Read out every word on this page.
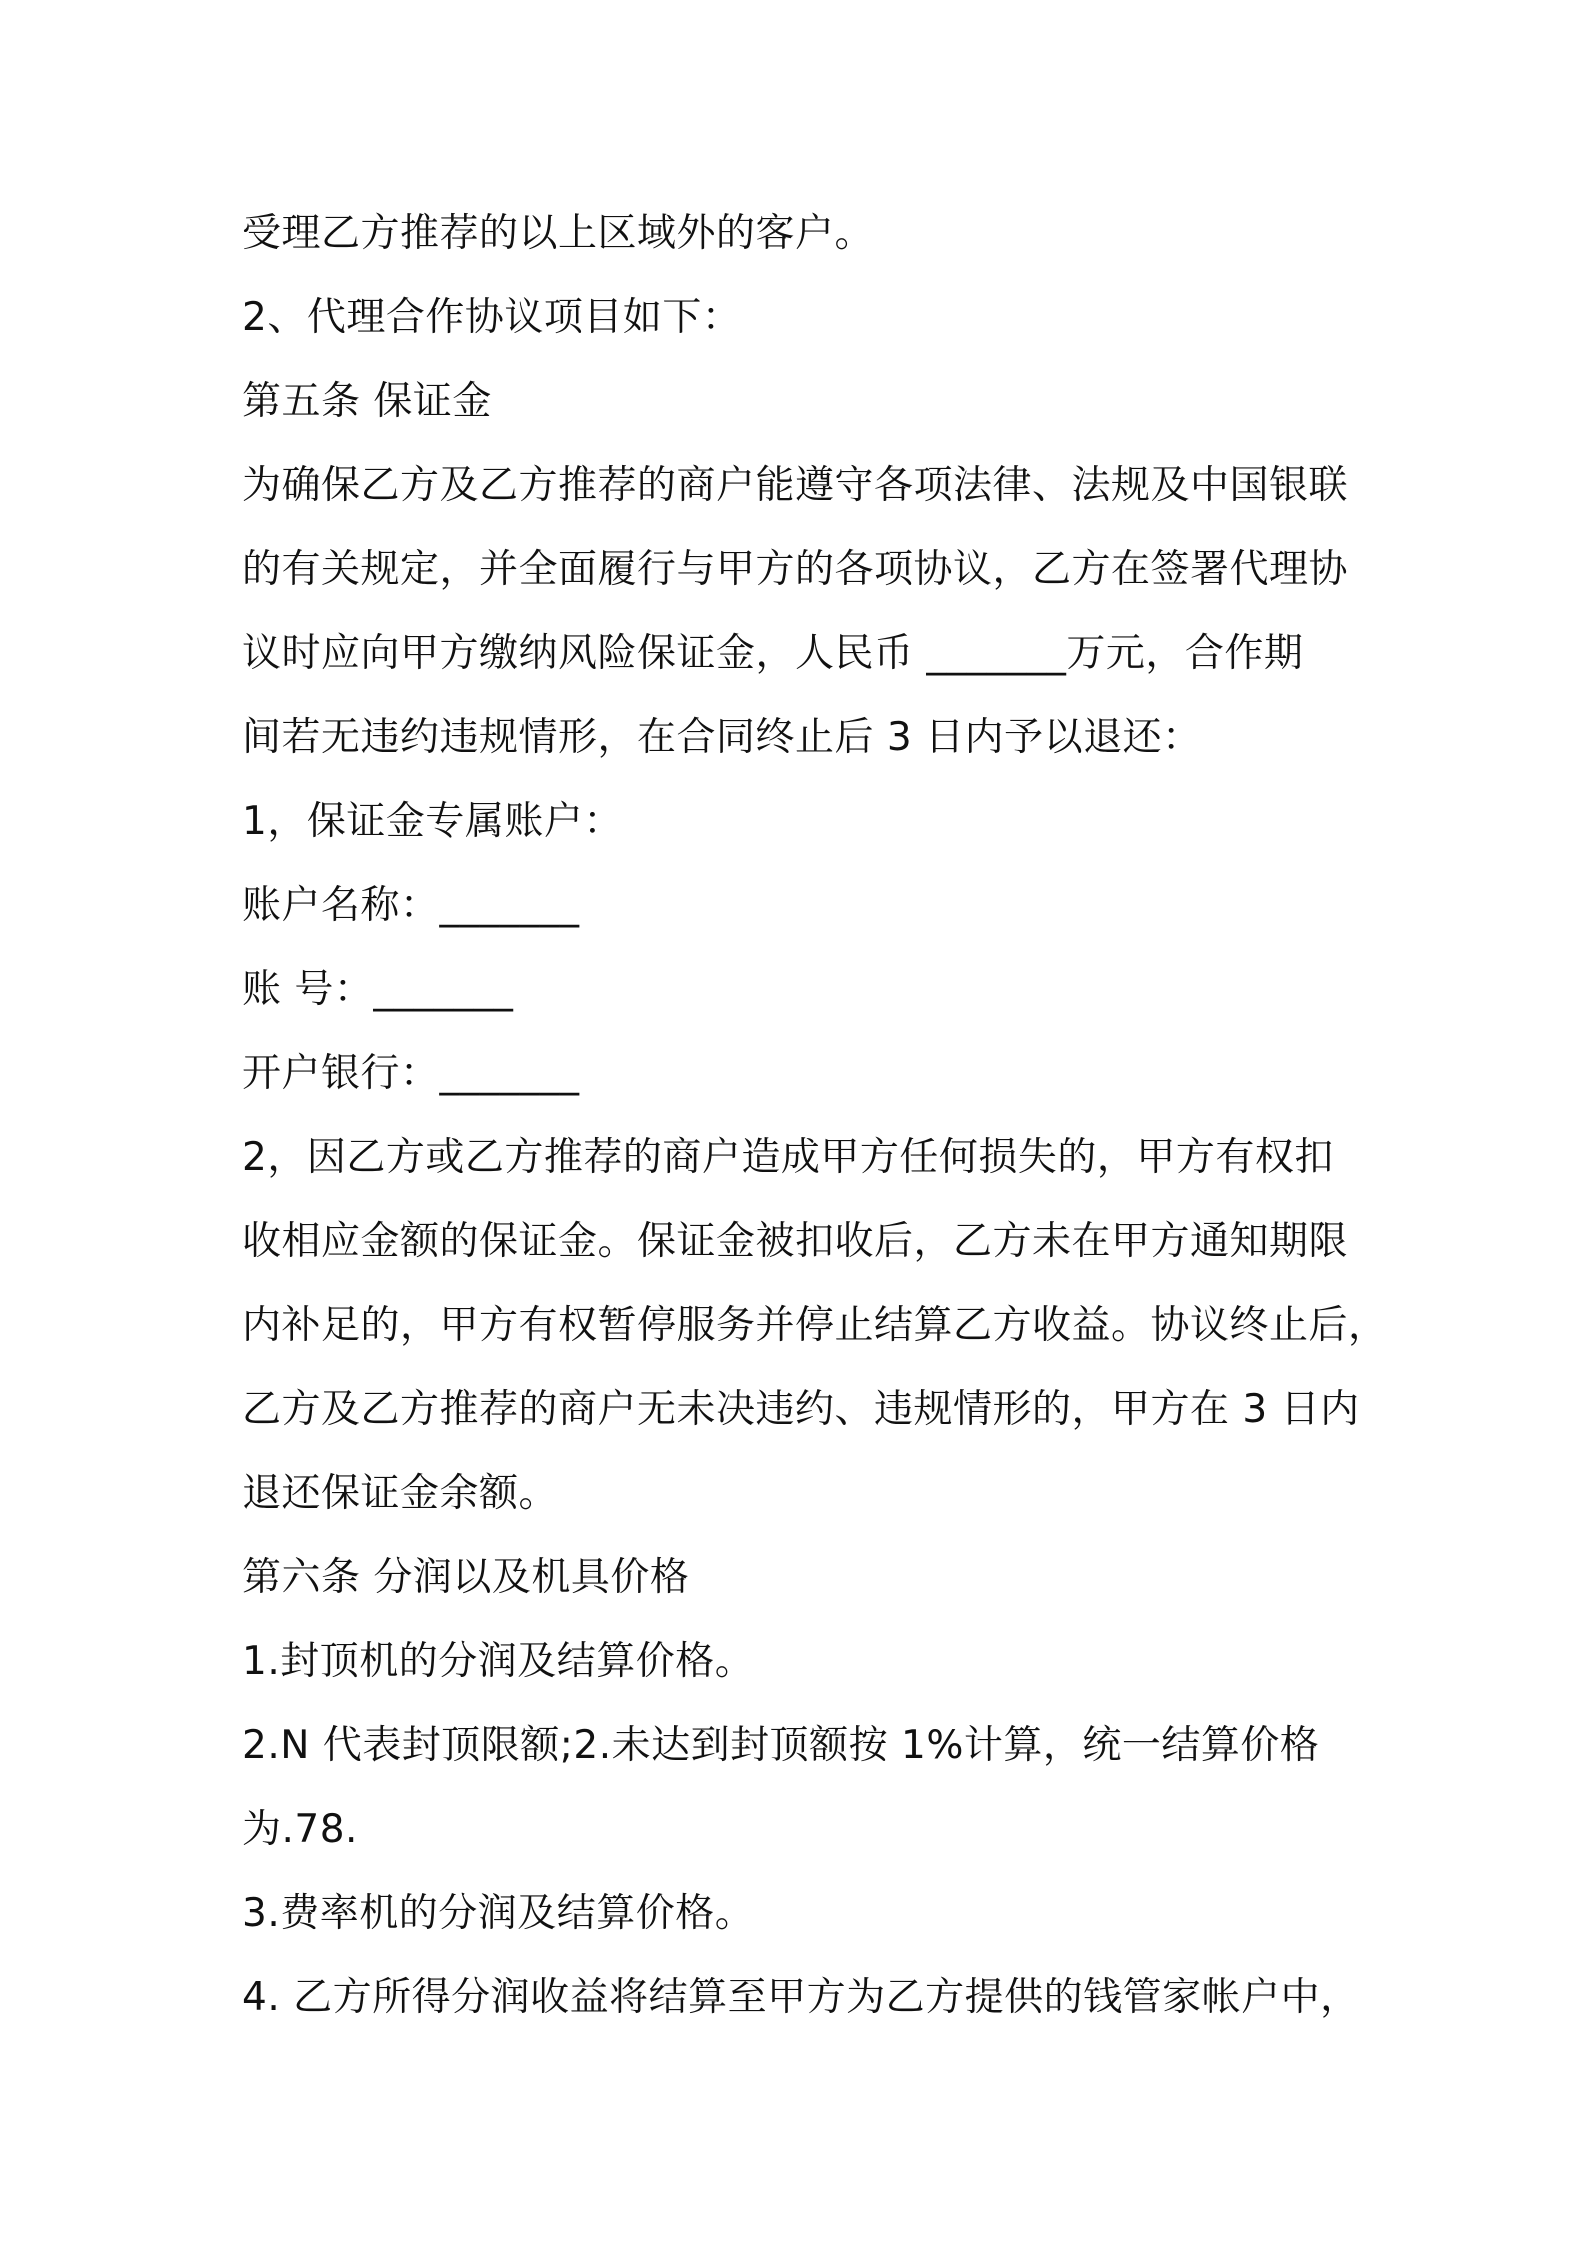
受理乙方推荐的以上区域外的客户。
2、代理合作协议项目如下：
第五条 保证金
为确保乙方及乙方推荐的商户能遵守各项法律、法规及中国银联
的有关规定，并全面履行与甲方的各项协议，乙方在签署代理协
议时应向甲方缴纳风险保证金，人民币 _______万元，合作期
间若无违约违规情形，在合同终止后 3 日内予以退还：
1，保证金专属账户：
账户名称：_______
账 号：_______
开户银行：_______
2，因乙方或乙方推荐的商户造成甲方任何损失的，甲方有权扣
收相应金额的保证金。保证金被扣收后，乙方未在甲方通知期限
内补足的，甲方有权暂停服务并停止结算乙方收益。协议终止后，
乙方及乙方推荐的商户无未决违约、违规情形的，甲方在 3 日内
退还保证金余额。
第六条 分润以及机具价格
1.封顶机的分润及结算价格。
2.N 代表封顶限额;2.未达到封顶额按 1%计算，统一结算价格
为.78.
3.费率机的分润及结算价格。
4. 乙方所得分润收益将结算至甲方为乙方提供的钱管家帐户中，
